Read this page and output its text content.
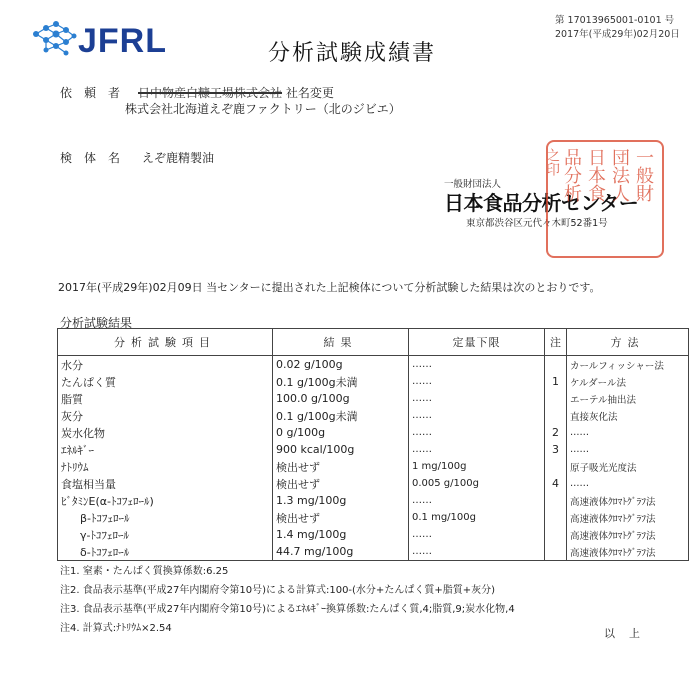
JFRL	分析試験成績書
第 17013965001-0101 号
2017年(平成29年)02月20日
依　頼　者 日中物産白糠工場株式会社 社名変更
株式会社北海道えぞ鹿ファクトリー（北のジビエ）
検　体　名 えぞ鹿精製油
一般財団法人
日本食品分析センター
東京都渋谷区元代々木町52番1号
一般財
団法人
日本食
品分析
之印
2017年(平成29年)02月09日 当センターに提出された上記検体について分析試験した結果は次のとおりです。
分析試験結果
分析試験項目	結果	定量下限	注	方法
水分	0.02 g/100g	……		カールフィッシャー法
たんぱく質	0.1 g/100g未満	……	1	ケルダール法
脂質	100.0 g/100g	……		エーテル抽出法
灰分	0.1 g/100g未満	……		直接灰化法
炭水化物	0 g/100g	……	2	……
ｴﾈﾙｷﾞｰ	900 kcal/100g	……	3	……
ﾅﾄﾘｳﾑ	検出せず	1 mg/100g		原子吸光光度法
食塩相当量	検出せず	0.005 g/100g	4	……
ﾋﾞﾀﾐﾝE(α-ﾄｺﾌｪﾛｰﾙ)	1.3 mg/100g	……		高速液体ｸﾛﾏﾄｸﾞﾗﾌ法
β-ﾄｺﾌｪﾛｰﾙ	検出せず	0.1 mg/100g		高速液体ｸﾛﾏﾄｸﾞﾗﾌ法
γ-ﾄｺﾌｪﾛｰﾙ	1.4 mg/100g	……		高速液体ｸﾛﾏﾄｸﾞﾗﾌ法
δ-ﾄｺﾌｪﾛｰﾙ	44.7 mg/100g	……		高速液体ｸﾛﾏﾄｸﾞﾗﾌ法
注1. 窒素・たんぱく質換算係数:6.25
注2. 食品表示基準(平成27年内閣府令第10号)による計算式:100-(水分+たんぱく質+脂質+灰分)
注3. 食品表示基準(平成27年内閣府令第10号)によるｴﾈﾙｷﾞｰ換算係数:たんぱく質,4;脂質,9;炭水化物,4
注4. 計算式:ﾅﾄﾘｳﾑ×2.54	以上
